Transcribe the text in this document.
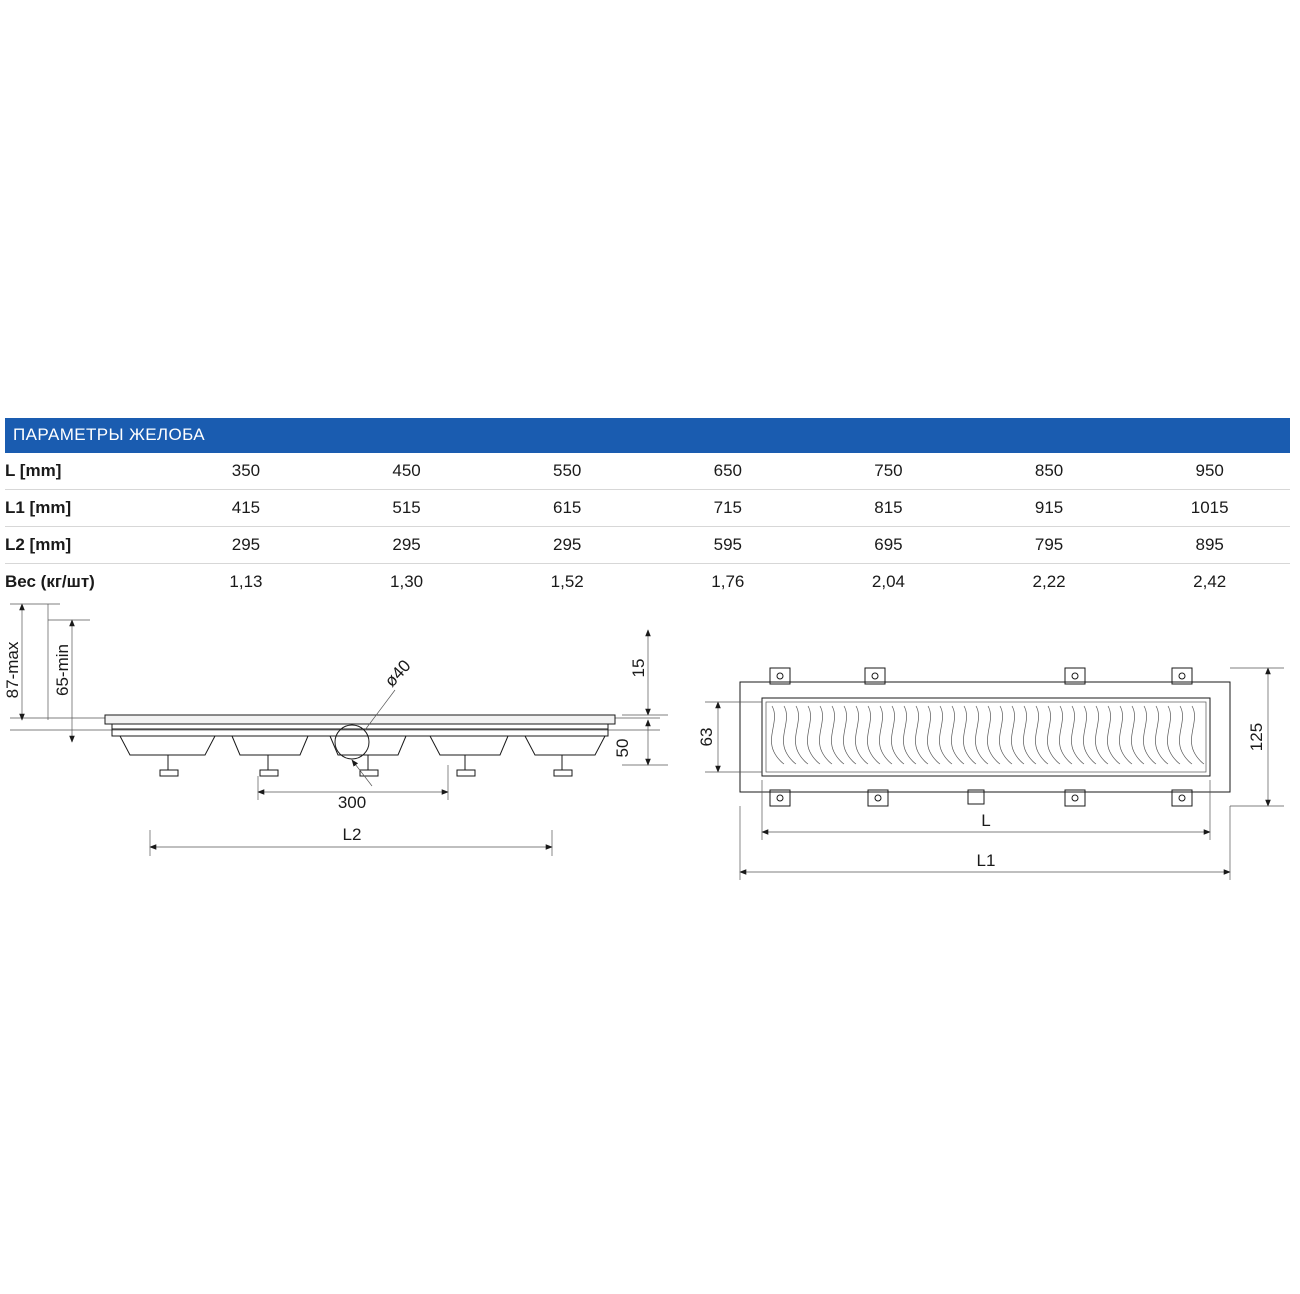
ПАРАМЕТРЫ ЖЕЛОБА							
L [mm]	350	450	550	650	750	850	950
L1 [mm]	415	515	615	715	815	915	1015
L2 [mm]	295	295	295	595	695	795	895
Вес (кг/шт)	1,13	1,30	1,52	1,76	2,04	2,22	2,42
ø40
87-max 65-min	15
50
300
L2
63	125
L
L1
